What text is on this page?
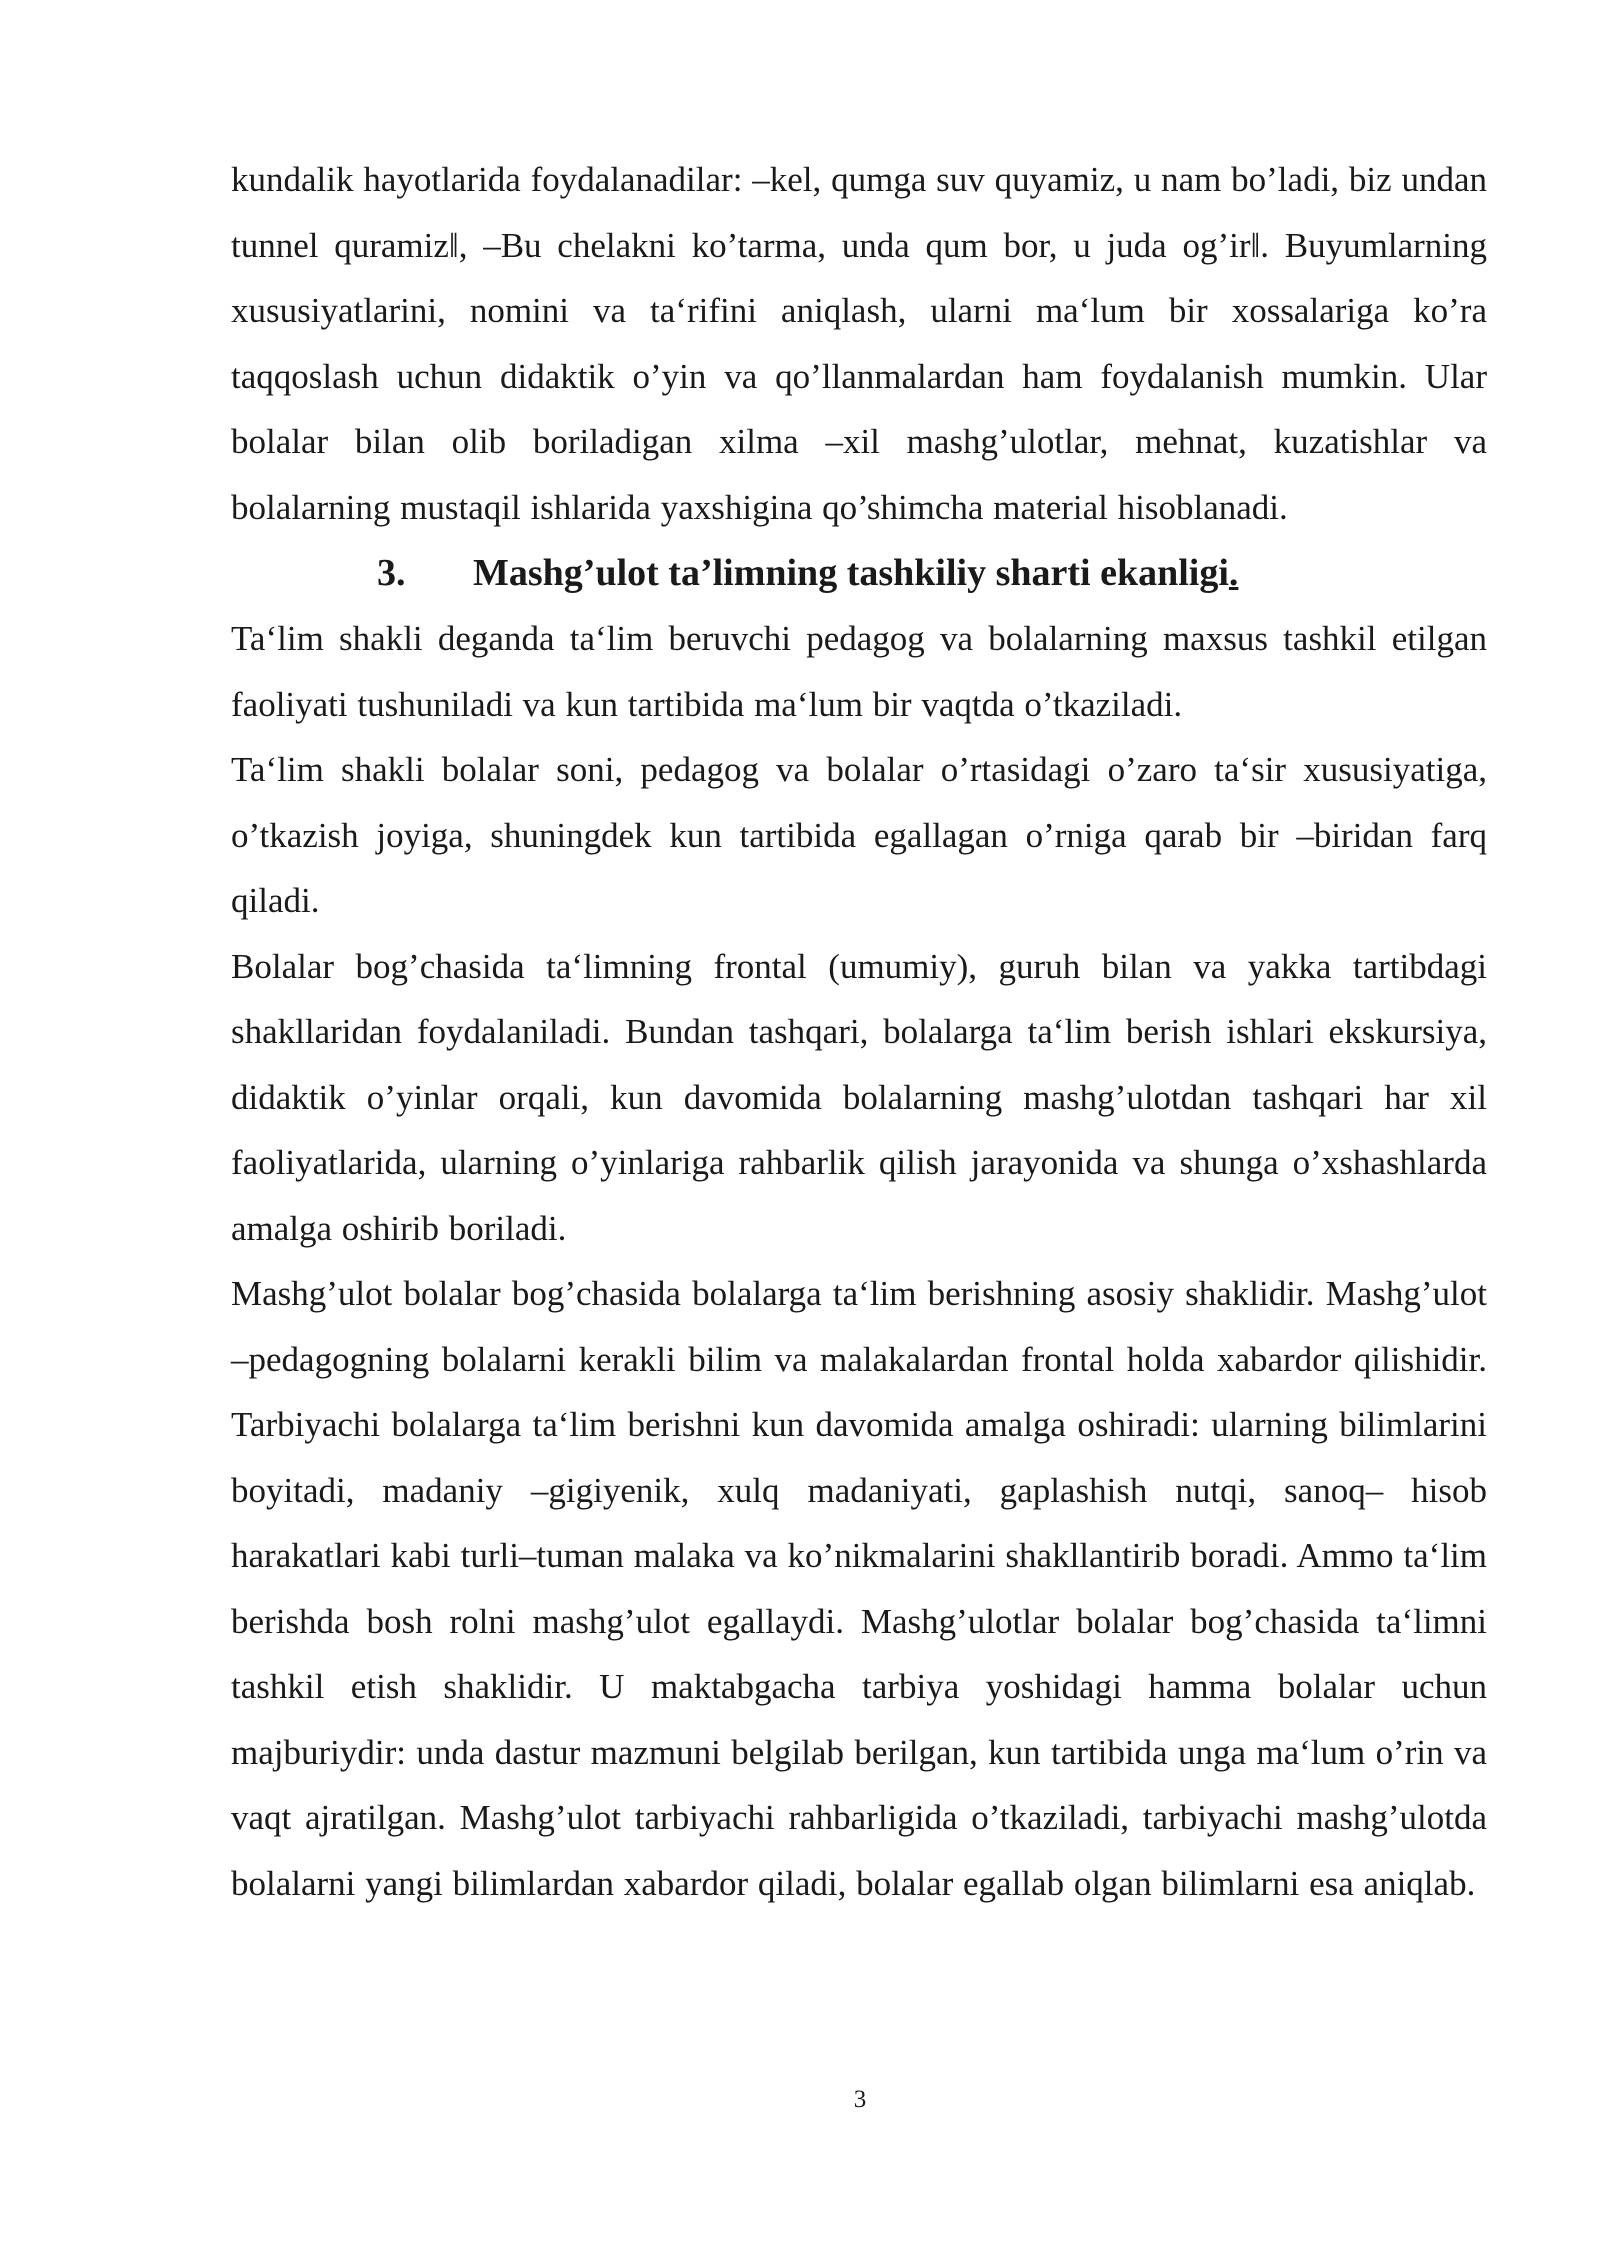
kundalik hayotlarida foydalanadilar: ‒kel, qumga suv quyamiz, u nam bo’ladi, biz undan tunnel quramiz‖, ‒Bu chelakni ko’tarma, unda qum bor, u juda og’ir‖. Buyumlarning xususiyatlarini, nomini va ta‘rifini aniqlash, ularni ma‘lum bir xossalariga ko’ra taqqoslash uchun didaktik o’yin va qo’llanmalardan ham foydalanish mumkin. Ular bolalar bilan olib boriladigan xilma –xil mashg’ulotlar, mehnat, kuzatishlar va bolalarning mustaqil ishlarida yaxshigina qo’shimcha material hisoblanadi.

3. Mashg’ulot ta’limning tashkiliy sharti ekanligi.

Ta‘lim shakli deganda ta‘lim beruvchi pedagog va bolalarning maxsus tashkil etilgan faoliyati tushuniladi va kun tartibida ma‘lum bir vaqtda o’tkaziladi.

Ta‘lim shakli bolalar soni, pedagog va bolalar o’rtasidagi o’zaro ta‘sir xususiyatiga, o’tkazish joyiga, shuningdek kun tartibida egallagan o’rniga qarab bir –biridan farq qiladi.

Bolalar bog’chasida ta‘limning frontal (umumiy), guruh bilan va yakka tartibdagi shakllaridan foydalaniladi. Bundan tashqari, bolalarga ta‘lim berish ishlari ekskursiya, didaktik o’yinlar orqali, kun davomida bolalarning mashg’ulotdan tashqari har xil faoliyatlarida, ularning o’yinlariga rahbarlik qilish jarayonida va shunga o’xshashlarda amalga oshirib boriladi.

Mashg’ulot bolalar bog’chasida bolalarga ta‘lim berishning asosiy shaklidir. Mashg’ulot –pedagogning bolalarni kerakli bilim va malakalardan frontal holda xabardor qilishidir. Tarbiyachi bolalarga ta‘lim berishni kun davomida amalga oshiradi: ularning bilimlarini boyitadi, madaniy –gigiyenik, xulq madaniyati, gaplashish nutqi, sanoq– hisob harakatlari kabi turli–tuman malaka va ko’nikmalarini shakllantirib boradi. Ammo ta‘lim berishda bosh rolni mashg’ulot egallaydi. Mashg’ulotlar bolalar bog’chasida ta‘limni tashkil etish shaklidir. U maktabgacha tarbiya yoshidagi hamma bolalar uchun majburiydir: unda dastur mazmuni belgilab berilgan, kun tartibida unga ma‘lum o’rin va vaqt ajratilgan. Mashg’ulot tarbiyachi rahbarligida o’tkaziladi, tarbiyachi mashg’ulotda bolalarni yangi bilimlardan xabardor qiladi, bolalar egallab olgan bilimlarni esa aniqlab.

3
